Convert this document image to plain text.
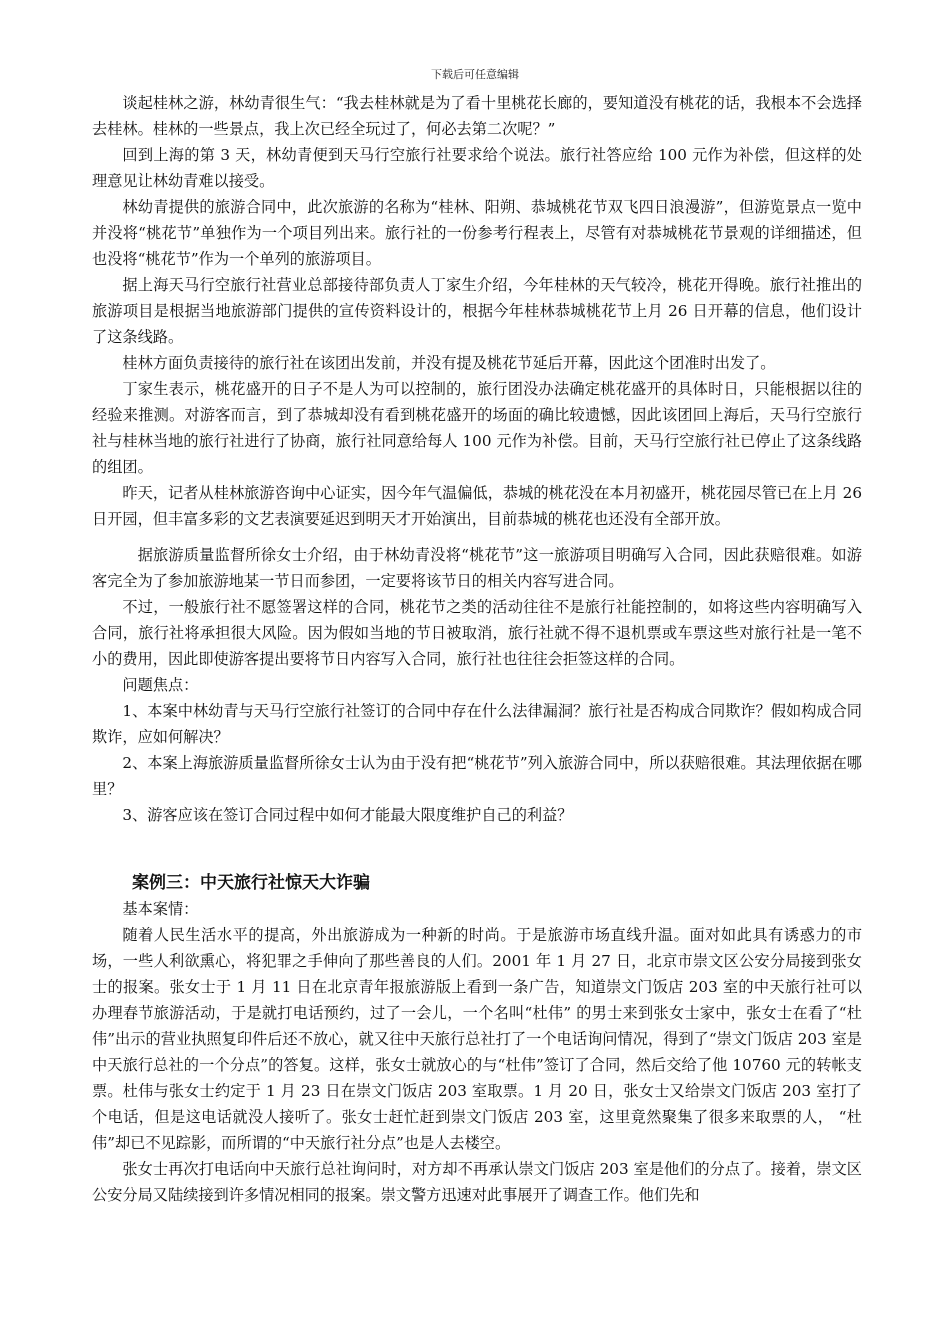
下载后可任意编辑

谈起桂林之游，林幼青很生气：“我去桂林就是为了看十里桃花长廊的，要知道没有桃花的话，我根本不会选择去桂林。桂林的一些景点，我上次已经全玩过了，何必去第二次呢？”

回到上海的第 3 天，林幼青便到天马行空旅行社要求给个说法。旅行社答应给 100 元作为补偿，但这样的处理意见让林幼青难以接受。

林幼青提供的旅游合同中，此次旅游的名称为“桂林、阳朔、恭城桃花节双飞四日浪漫游”，但游览景点一览中并没将“桃花节”单独作为一个项目列出来。旅行社的一份参考行程表上，尽管有对恭城桃花节景观的详细描述，但也没将“桃花节”作为一个单列的旅游项目。

据上海天马行空旅行社营业总部接待部负责人丁家生介绍，今年桂林的天气较冷，桃花开得晚。旅行社推出的旅游项目是根据当地旅游部门提供的宣传资料设计的，根据今年桂林恭城桃花节上月 26 日开幕的信息，他们设计了这条线路。

桂林方面负责接待的旅行社在该团出发前，并没有提及桃花节延后开幕，因此这个团准时出发了。

丁家生表示，桃花盛开的日子不是人为可以控制的，旅行团没办法确定桃花盛开的具体时日，只能根据以往的经验来推测。对游客而言，到了恭城却没有看到桃花盛开的场面的确比较遗憾，因此该团回上海后，天马行空旅行社与桂林当地的旅行社进行了协商，旅行社同意给每人 100 元作为补偿。目前，天马行空旅行社已停止了这条线路的组团。

昨天，记者从桂林旅游咨询中心证实，因今年气温偏低，恭城的桃花没在本月初盛开，桃花园尽管已在上月 26 日开园，但丰富多彩的文艺表演要延迟到明天才开始演出，目前恭城的桃花也还没有全部开放。

据旅游质量监督所徐女士介绍，由于林幼青没将“桃花节”这一旅游项目明确写入合同，因此获赔很难。如游客完全为了参加旅游地某一节日而参团，一定要将该节日的相关内容写进合同。

不过，一般旅行社不愿签署这样的合同，桃花节之类的活动往往不是旅行社能控制的，如将这些内容明确写入合同，旅行社将承担很大风险。因为假如当地的节日被取消，旅行社就不得不退机票或车票这些对旅行社是一笔不小的费用，因此即使游客提出要将节日内容写入合同，旅行社也往往会拒签这样的合同。

问题焦点：

1、本案中林幼青与天马行空旅行社签订的合同中存在什么法律漏洞？旅行社是否构成合同欺诈？假如构成合同欺诈，应如何解决？

2、本案上海旅游质量监督所徐女士认为由于没有把“桃花节”列入旅游合同中，所以获赔很难。其法理依据在哪里？

3、游客应该在签订合同过程中如何才能最大限度维护自己的利益？

案例三：中天旅行社惊天大诈骗

基本案情：

随着人民生活水平的提高，外出旅游成为一种新的时尚。于是旅游市场直线升温。面对如此具有诱惑力的市场，一些人利欲熏心，将犯罪之手伸向了那些善良的人们。2001 年 1 月 27 日，北京市崇文区公安分局接到张女士的报案。张女士于 1 月 11 日在北京青年报旅游版上看到一条广告，知道崇文门饭店 203 室的中天旅行社可以办理春节旅游活动，于是就打电话预约，过了一会儿，一个名叫“杜伟” 的男士来到张女士家中，张女士在看了“杜伟”出示的营业执照复印件后还不放心，就又往中天旅行总社打了一个电话询问情况，得到了“崇文门饭店 203 室是中天旅行总社的一个分点”的答复。这样，张女士就放心的与“杜伟”签订了合同，然后交给了他 10760 元的转帐支票。杜伟与张女士约定于 1 月 23 日在崇文门饭店 203 室取票。1 月 20 日，张女士又给崇文门饭店 203 室打了个电话，但是这电话就没人接听了。张女士赶忙赶到崇文门饭店 203 室，这里竟然聚集了很多来取票的人， “杜伟”却已不见踪影，而所谓的“中天旅行社分点”也是人去楼空。

张女士再次打电话向中天旅行总社询问时，对方却不再承认崇文门饭店 203 室是他们的分点了。接着，崇文区公安分局又陆续接到许多情况相同的报案。崇文警方迅速对此事展开了调查工作。他们先和
